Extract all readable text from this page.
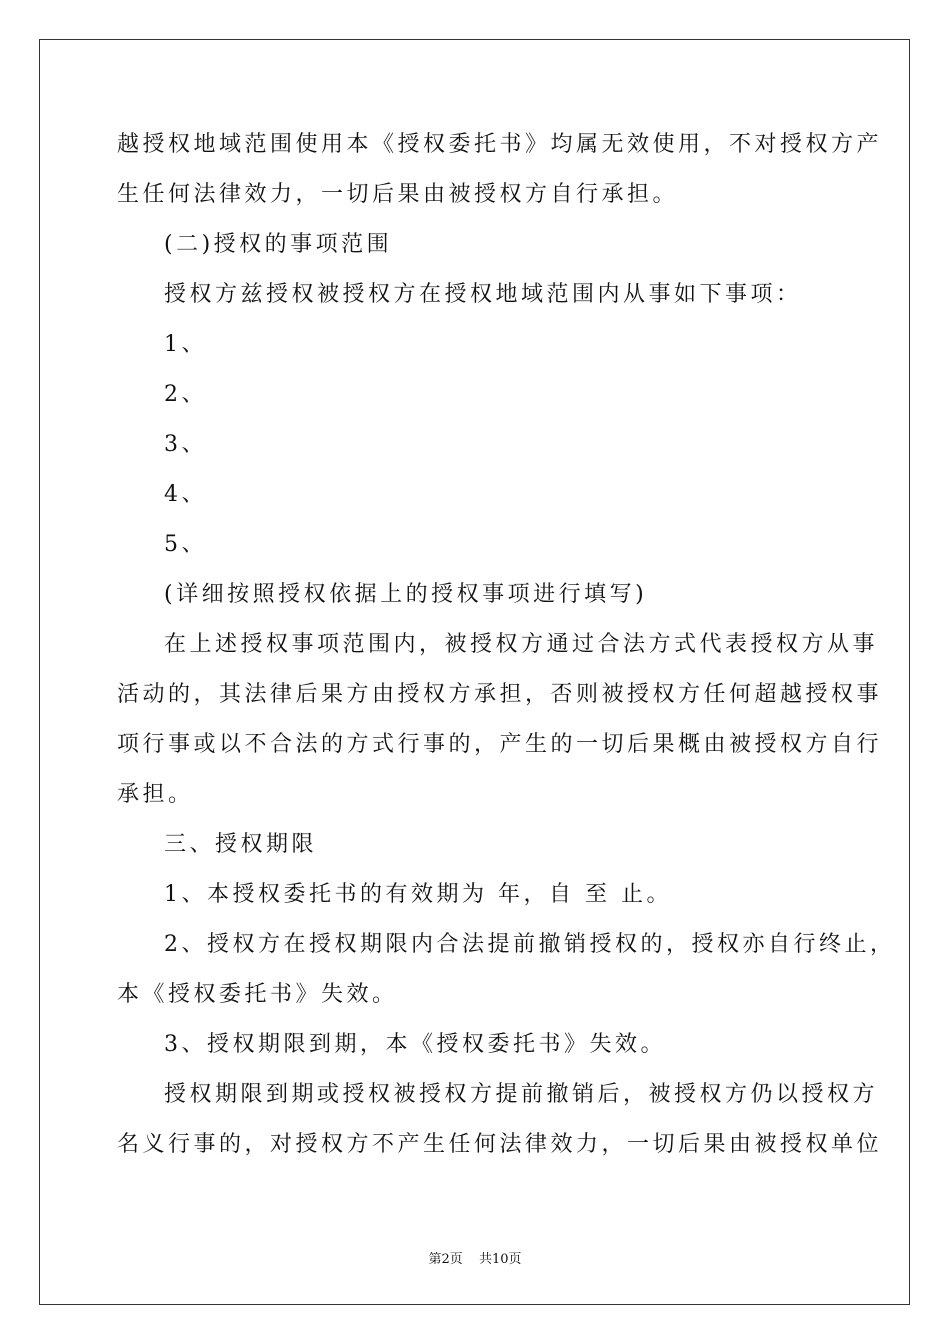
越授权地域范围使用本《授权委托书》均属无效使用，不对授权方产
生任何法律效力，一切后果由被授权方自行承担。
(二)授权的事项范围
授权方兹授权被授权方在授权地域范围内从事如下事项：
1、
2、
3、
4、
5、
(详细按照授权依据上的授权事项进行填写)
在上述授权事项范围内，被授权方通过合法方式代表授权方从事
活动的，其法律后果方由授权方承担，否则被授权方任何超越授权事
项行事或以不合法的方式行事的，产生的一切后果概由被授权方自行
承担。
三、授权期限
1、本授权委托书的有效期为 年，自 至 止。
2、授权方在授权期限内合法提前撤销授权的，授权亦自行终止，
本《授权委托书》失效。
3、授权期限到期，本《授权委托书》失效。
授权期限到期或授权被授权方提前撤销后，被授权方仍以授权方
名义行事的，对授权方不产生任何法律效力，一切后果由被授权单位
第2页 共10页
